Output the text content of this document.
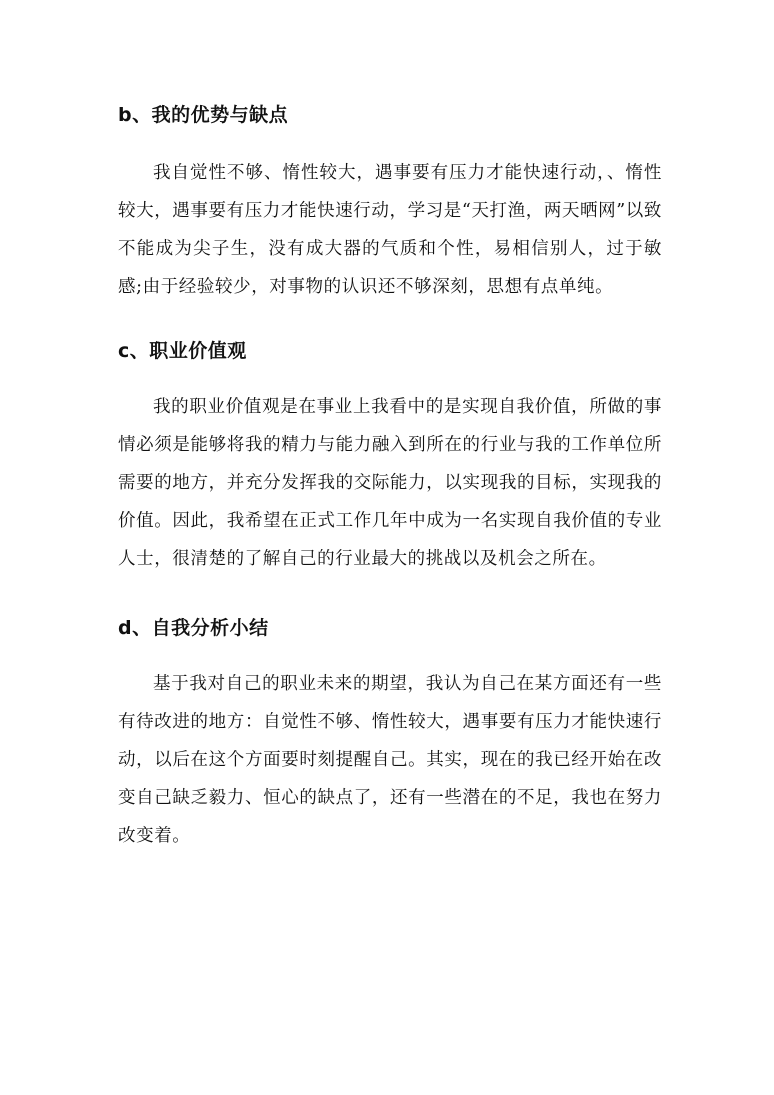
b、我的优势与缺点

我自觉性不够、惰性较大，遇事要有压力才能快速行动，、惰性较大，遇事要有压力才能快速行动，学习是“天打渔，两天晒网”以致不能成为尖子生，没有成大器的气质和个性，易相信别人，过于敏感;由于经验较少，对事物的认识还不够深刻，思想有点单纯。

c、职业价值观

我的职业价值观是在事业上我看中的是实现自我价值，所做的事情必须是能够将我的精力与能力融入到所在的行业与我的工作单位所需要的地方，并充分发挥我的交际能力，以实现我的目标，实现我的价值。因此，我希望在正式工作几年中成为一名实现自我价值的专业人士，很清楚的了解自己的行业最大的挑战以及机会之所在。

d、自我分析小结

基于我对自己的职业未来的期望，我认为自己在某方面还有一些有待改进的地方：自觉性不够、惰性较大，遇事要有压力才能快速行动，以后在这个方面要时刻提醒自己。其实，现在的我已经开始在改变自己缺乏毅力、恒心的缺点了，还有一些潜在的不足，我也在努力改变着。
